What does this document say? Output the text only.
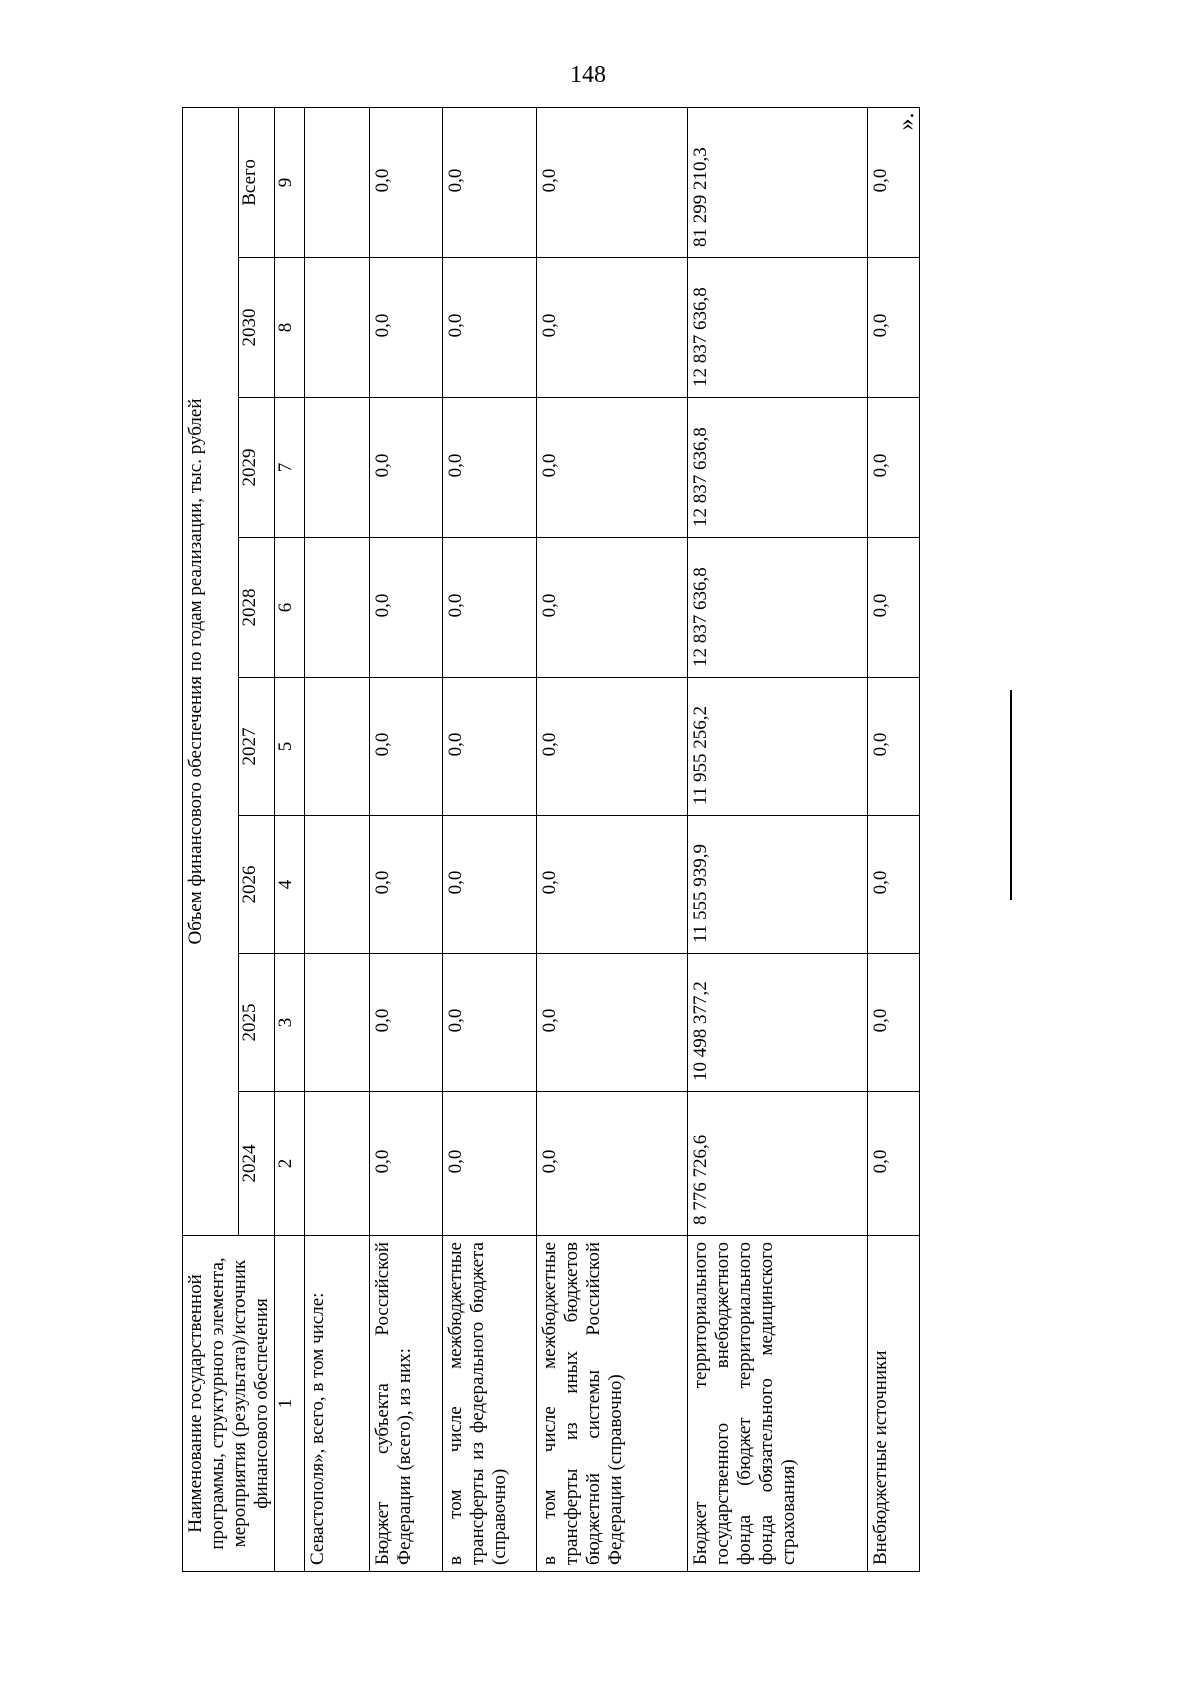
148
».
Наименование государственной программы, структурного элемента, мероприятия (результата)/источник финансового обеспечения	Объем финансового обеспечения по годам реализации, тыс. рублей							
	2024	2025	2026	2027	2028	2029	2030	Всего
1	2	3	4	5	6	7	8	9
Севастополя», всего, в том числе:								
Бюджет субъекта Российской Федерации (всего), из них:	0,0	0,0	0,0	0,0	0,0	0,0	0,0	0,0
в том числе межбюджетные трансферты из федерального бюджета (справочно)	0,0	0,0	0,0	0,0	0,0	0,0	0,0	0,0
в том числе межбюджетные трансферты из иных бюджетов бюджетной системы Российской Федерации (справочно)	0,0	0,0	0,0	0,0	0,0	0,0	0,0	0,0
Бюджет территориального государственного внебюджетного фонда (бюджет территориального фонда обязательного медицинского страхования)	8 776 726,6	10 498 377,2	11 555 939,9	11 955 256,2	12 837 636,8	12 837 636,8	12 837 636,8	81 299 210,3
Внебюджетные источники	0,0	0,0	0,0	0,0	0,0	0,0	0,0	0,0
